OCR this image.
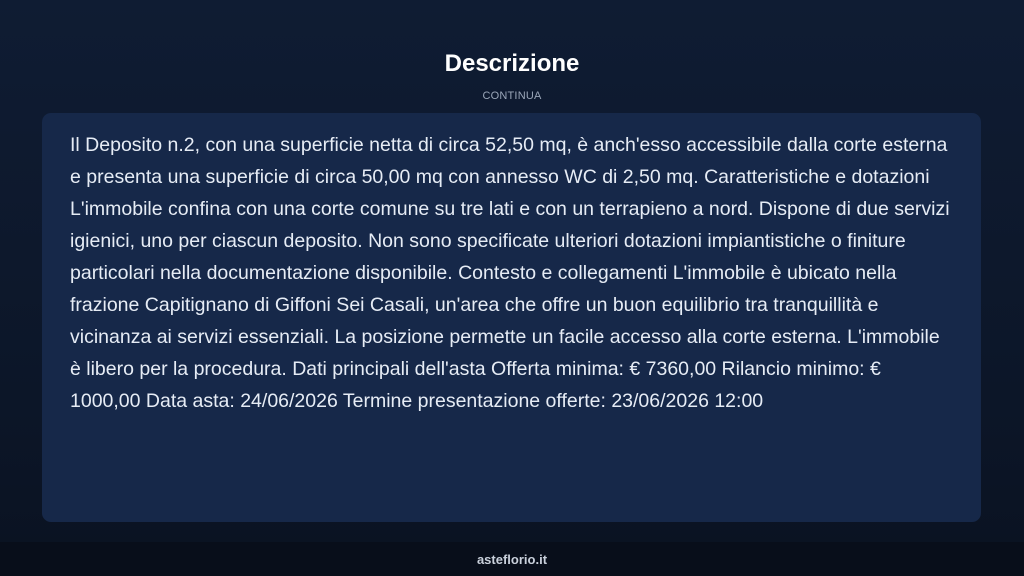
Descrizione
CONTINUA

Il Deposito n.2, con una superficie netta di circa 52,50 mq, è anch'esso accessibile dalla corte esterna e presenta una superficie di circa 50,00 mq con annesso WC di 2,50 mq. Caratteristiche e dotazioni L'immobile confina con una corte comune su tre lati e con un terrapieno a nord. Dispone di due servizi igienici, uno per ciascun deposito. Non sono specificate ulteriori dotazioni impiantistiche o finiture particolari nella documentazione disponibile. Contesto e collegamenti L'immobile è ubicato nella frazione Capitignano di Giffoni Sei Casali, un'area che offre un buon equilibrio tra tranquillità e vicinanza ai servizi essenziali. La posizione permette un facile accesso alla corte esterna. L'immobile è libero per la procedura. Dati principali dell'asta Offerta minima: € 7360,00 Rilancio minimo: € 1000,00 Data asta: 24/06/2026 Termine presentazione offerte: 23/06/2026 12:00

asteflorio.it
